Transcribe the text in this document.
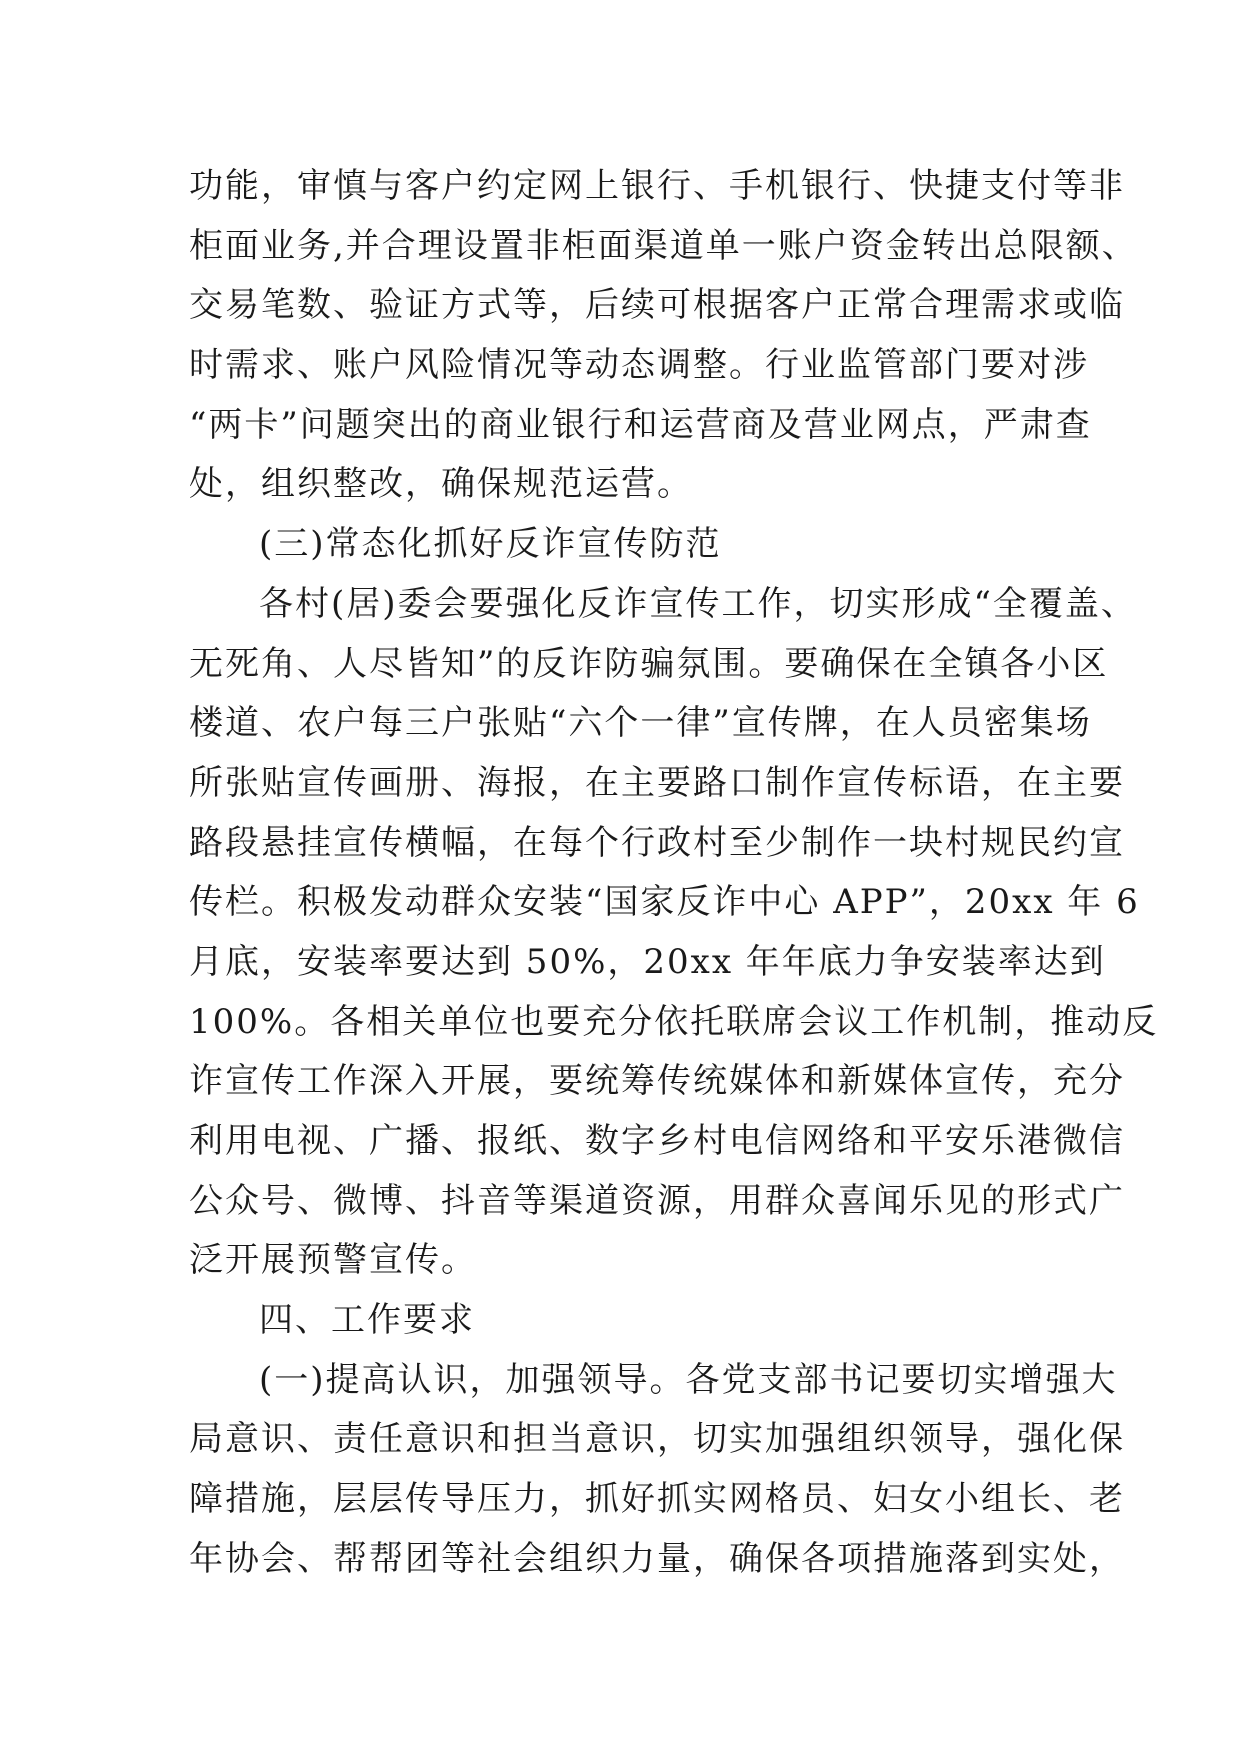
功能，审慎与客户约定网上银行、手机银行、快捷支付等非
柜面业务,并合理设置非柜面渠道单一账户资金转出总限额、
交易笔数、验证方式等，后续可根据客户正常合理需求或临
时需求、账户风险情况等动态调整。行业监管部门要对涉
“两卡”问题突出的商业银行和运营商及营业网点，严肃查
处，组织整改，确保规范运营。
(三)常态化抓好反诈宣传防范
各村(居)委会要强化反诈宣传工作，切实形成“全覆盖、
无死角、人尽皆知”的反诈防骗氛围。要确保在全镇各小区
楼道、农户每三户张贴“六个一律”宣传牌，在人员密集场
所张贴宣传画册、海报，在主要路口制作宣传标语，在主要
路段悬挂宣传横幅，在每个行政村至少制作一块村规民约宣
传栏。积极发动群众安装“国家反诈中心 APP”，20xx 年 6
月底，安装率要达到 50%，20xx 年年底力争安装率达到
100%。各相关单位也要充分依托联席会议工作机制，推动反
诈宣传工作深入开展，要统筹传统媒体和新媒体宣传，充分
利用电视、广播、报纸、数字乡村电信网络和平安乐港微信
公众号、微博、抖音等渠道资源，用群众喜闻乐见的形式广
泛开展预警宣传。
四、工作要求
(一)提高认识，加强领导。各党支部书记要切实增强大
局意识、责任意识和担当意识，切实加强组织领导，强化保
障措施，层层传导压力，抓好抓实网格员、妇女小组长、老
年协会、帮帮团等社会组织力量，确保各项措施落到实处，
